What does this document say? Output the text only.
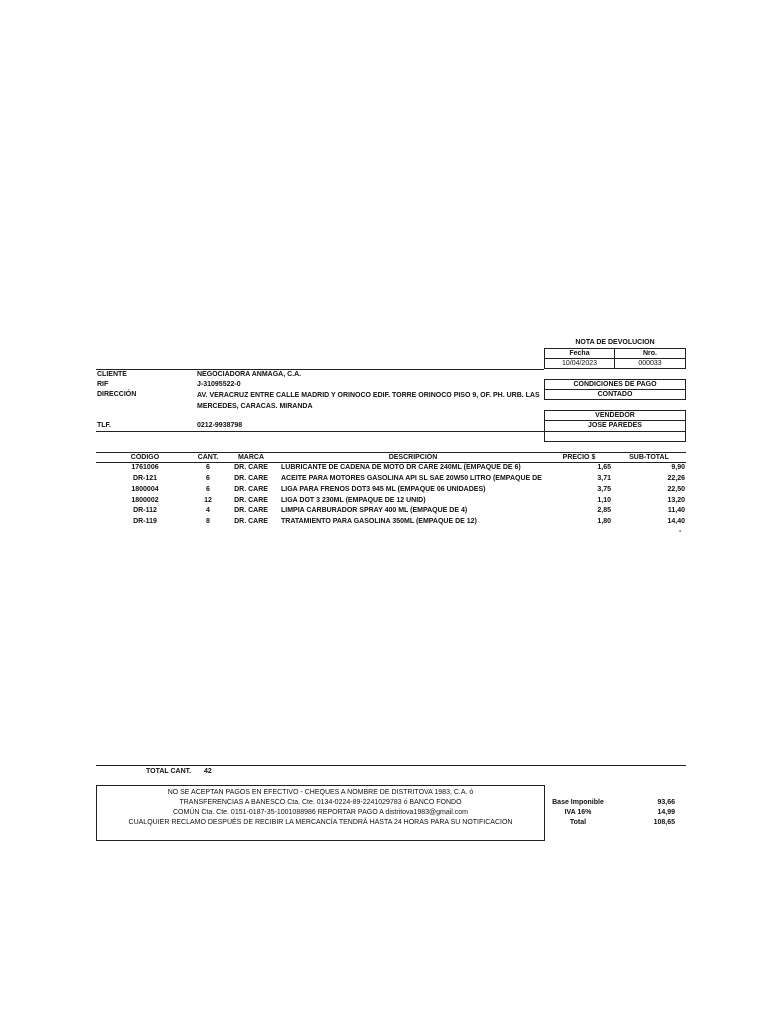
NOTA DE DEVOLUCION
Fecha	Nro.
10/04/2023	000033
CONDICIONES DE PAGO
CONTADO
VENDEDOR
JOSE PAREDES
CLIENTE	NEGOCIADORA ANMAGA, C.A.
RIF	J-31095522-0
DIRECCIÓN	AV. VERACRUZ ENTRE CALLE MADRID Y ORINOCO EDIF. TORRE ORINOCO PISO 9, OF. PH. URB. LAS
MERCEDES, CARACAS. MIRANDA
TLF.	0212-9938798
CÓDIGO	CANT.	MARCA	DESCRIPCIÓN	PRECIO $	SUB-TOTAL
1761006	6	DR. CARE	LUBRICANTE DE CADENA DE MOTO DR CARE 240ML (EMPAQUE DE 6)	1,65	9,90
DR-121	6	DR. CARE	ACEITE PARA MOTORES GASOLINA API SL SAE 20W50 LITRO (EMPAQUE DE	3,71	22,26
1800004	6	DR. CARE	LIGA PARA FRENOS DOT3 945 ML (EMPAQUE 06 UNIDADES)	3,75	22,50
1800002	12	DR. CARE	LIGA DOT 3 230ML (EMPAQUE DE 12 UNID)	1,10	13,20
DR-112	4	DR. CARE	LIMPIA CARBURADOR SPRAY 400 ML (EMPAQUE DE 4)	2,85	11,40
DR-119	8	DR. CARE	TRATAMIENTO PARA GASOLINA 350ML (EMPAQUE DE 12)	1,80	14,40
-
TOTAL CANT. 42
NO SE ACEPTAN PAGOS EN EFECTIVO - CHEQUES A NOMBRE DE DISTRITOVA 1983, C.A. ó
TRANSFERENCIAS A BANESCO Cta. Cte. 0134-0224-89-2241029783 ó BANCO FONDO
COMÚN Cta. Cte. 0151-0187-35-1001088986 REPORTAR PAGO A distritova1983@gmail.com
CUALQUIER RECLAMO DESPUÉS DE RECIBIR LA MERCANCÍA TENDRÁ HASTA 24 HORAS PARA SU NOTIFICACION
Base Imponible	93,66
IVA 16%	14,99
Total	108,65
